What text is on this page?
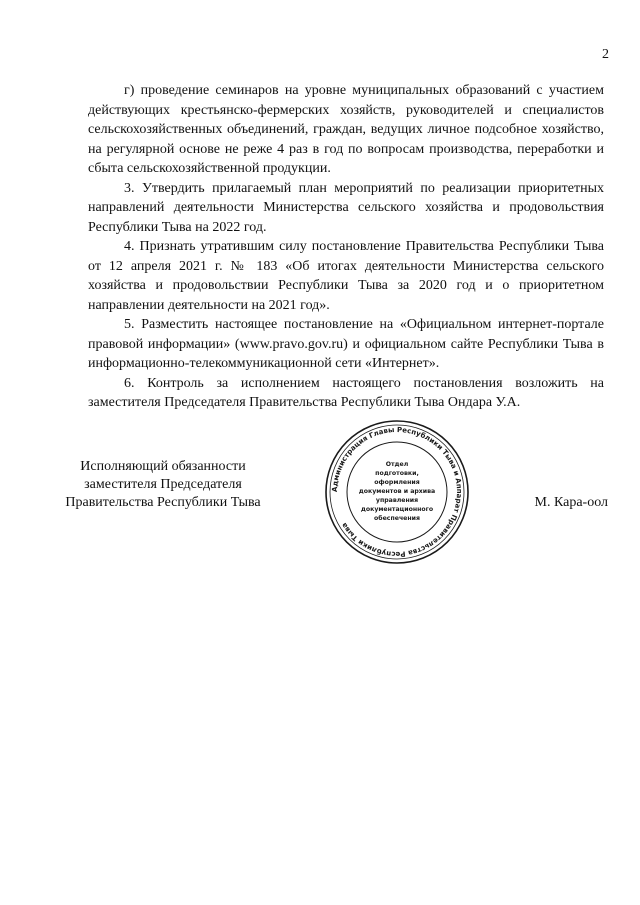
2

г) проведение семинаров на уровне муниципальных образований с участием действующих крестьянско-фермерских хозяйств, руководителей и специалистов сельскохозяйственных объединений, граждан, ведущих личное подсобное хозяйство, на регулярной основе не реже 4 раз в год по вопросам производства, переработки и сбыта сельскохозяйственной продукции.

3. Утвердить прилагаемый план мероприятий по реализации приоритетных направлений деятельности Министерства сельского хозяйства и продовольствия Республики Тыва на 2022 год.

4. Признать утратившим силу постановление Правительства Республики Тыва от 12 апреля 2021 г. № 183 «Об итогах деятельности Министерства сельского хозяйства и продовольствии Республики Тыва за 2020 год и о приоритетном направлении деятельности на 2021 год».

5. Разместить настоящее постановление на «Официальном интернет-портале правовой информации» (www.pravo.gov.ru) и официальном сайте Республики Тыва в информационно-телекоммуникационной сети «Интернет».

6. Контроль за исполнением настоящего постановления возложить на заместителя Председателя Правительства Республики Тыва Ондара У.А.

Исполняющий обязанности
заместителя Председателя
Правительства Республики Тыва	М. Кара-оол
Администрация Главы Республики Тыва и Аппарат Правительства Республики Тыва
Отдел
подготовки,
оформления
документов и архива
управления
документационного
обеспечения
